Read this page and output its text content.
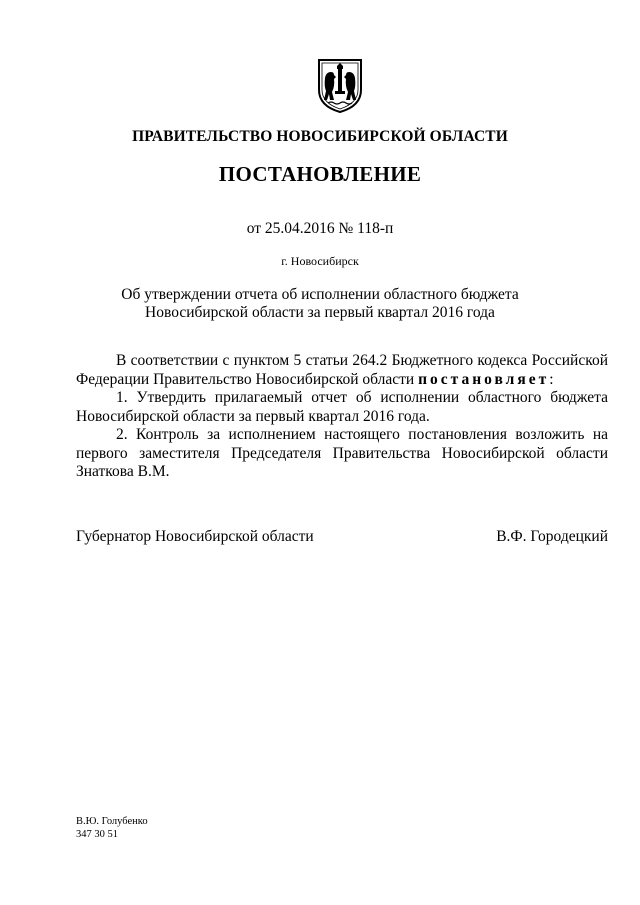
ПРАВИТЕЛЬСТВО НОВОСИБИРСКОЙ ОБЛАСТИ
ПОСТАНОВЛЕНИЕ
от 25.04.2016 № 118-п
г. Новосибирск
Об утверждении отчета об исполнении областного бюджета
Новосибирской области за первый квартал 2016 года

В соответствии с пунктом 5 статьи 264.2 Бюджетного кодекса Российской Федерации Правительство Новосибирской области постановляет:

1. Утвердить прилагаемый отчет об исполнении областного бюджета Новосибирской области за первый квартал 2016 года.

2. Контроль за исполнением настоящего постановления возложить на первого заместителя Председателя Правительства Новосибирской области Знаткова В.М.

Губернатор Новосибирской области	В.Ф. Городецкий
В.Ю. Голубенко
347 30 51
